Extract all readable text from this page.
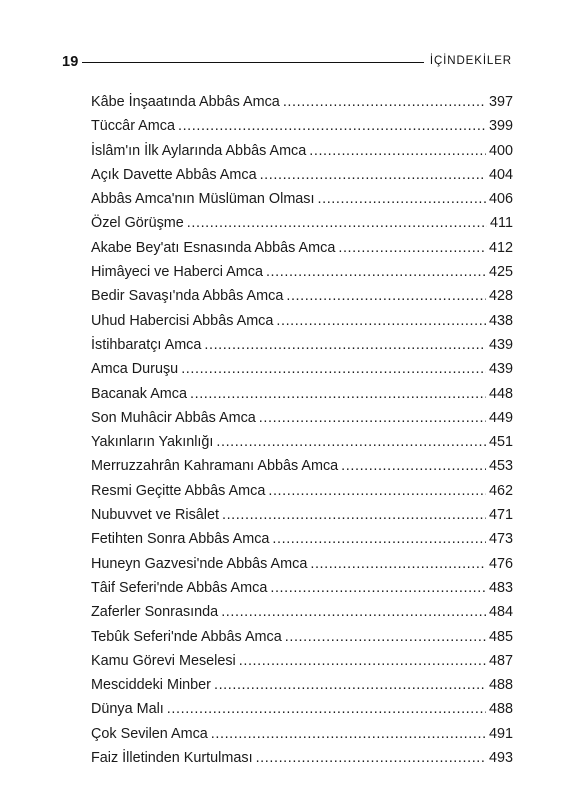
19	İÇİNDEKİLER
Kâbe İnşaatında Abbâs Amca .....	397
Tüccâr Amca .....	399
İslâm'ın İlk Aylarında Abbâs Amca .....	400
Açık Davette Abbâs Amca .....	404
Abbâs Amca'nın Müslüman Olması .....	406
Özel Görüşme .....	411
Akabe Bey'atı Esnasında Abbâs Amca .....	412
Himâyeci ve Haberci Amca .....	425
Bedir Savaşı'nda Abbâs Amca .....	428
Uhud Habercisi Abbâs Amca .....	438
İstihbaratçı Amca .....	439
Amca Duruşu .....	439
Bacanak Amca .....	448
Son Muhâcir Abbâs Amca .....	449
Yakınların Yakınlığı .....	451
Merruzzahrân Kahramanı Abbâs Amca .....	453
Resmi Geçitte Abbâs Amca .....	462
Nubuvvet ve Risâlet .....	471
Fetihten Sonra Abbâs Amca .....	473
Huneyn Gazvesi'nde Abbâs Amca .....	476
Tâif Seferi'nde Abbâs Amca .....	483
Zaferler Sonrasında .....	484
Tebûk Seferi'nde Abbâs Amca .....	485
Kamu Görevi Meselesi .....	487
Mesciddeki Minber .....	488
Dünya Malı .....	488
Çok Sevilen Amca .....	491
Faiz İlletinden Kurtulması .....	493
